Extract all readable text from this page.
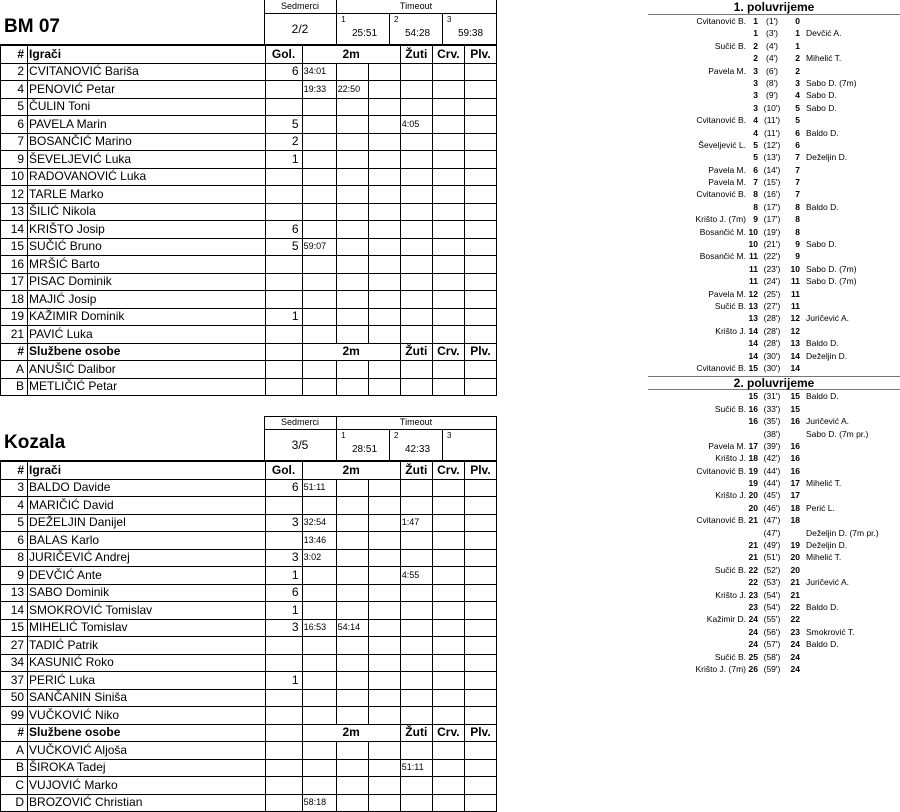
Sedmerci	Timeout
BM 07	2/2
1
25:51
2
54:28
3
59:38
#	Igrači	Gol.	2m			Žuti	Crv.	Plv.
2	CVITANOVIĆ Bariša	6	34:01					
4	PENOVIĆ Petar		19:33	22:50				
5	ČULIN Toni							
6	PAVELA Marin	5				4:05		
7	BOSANČIĆ Marino	2						
9	ŠEVELJEVIĆ Luka	1						
10	RADOVANOVIĆ Luka							
12	TARLE Marko							
13	ŠILIĆ Nikola							
14	KRIŠTO Josip	6						
15	SUČIĆ Bruno	5	59:07					
16	MRŠIĆ Barto							
17	PISAC Dominik							
18	MAJIĆ Josip							
19	KAŽIMIR Dominik	1						
21	PAVIĆ Luka							
#	Službene osobe		2m			Žuti	Crv.	Plv.
A	ANUŠIĆ Dalibor							
B	METLIČIĆ Petar							
Sedmerci	Timeout
Kozala	3/5
1
28:51
2
42:33
3
#	Igrači	Gol.	2m			Žuti	Crv.	Plv.
3	BALDO Davide	6	51:11					
4	MARIČIĆ David							
5	DEŽELJIN Danijel	3	32:54			1:47		
6	BALAS Karlo		13:46					
8	JURIČEVIĆ Andrej	3	3:02					
9	DEVČIĆ Ante	1				4:55		
13	SABO Dominik	6						
14	SMOKROVIĆ Tomislav	1						
15	MIHELIĆ Tomislav	3	16:53	54:14				
27	TADIĆ Patrik							
34	KASUNIĆ Roko							
37	PERIĆ Luka	1						
50	SANČANIN Siniša							
99	VUČKOVIĆ Niko							
#	Službene osobe		2m			Žuti	Crv.	Plv.
A	VUČKOVIĆ Aljoša							
B	ŠIROKA Tadej					51:11		
C	VUJOVIĆ Marko							
D	BROZOVIĆ Christian		58:18					
1. poluvrijeme
Cvitanović B. 1 (1')	0
1 (3')	1 Devčić A.
Sučić B. 2 (4')	1
2 (4')	2 Mihelić T.
Pavela M. 3 (6')	2
3 (8')	3 Sabo D. (7m)
3 (9')	4 Sabo D.
3 (10')	5 Sabo D.
Cvitanović B. 4 (11')	5
4 (11')	6 Baldo D.
Ševeljević L. 5 (12')	6
5 (13')	7 Deželjin D.
Pavela M. 6 (14')	7
Pavela M. 7 (15')	7
Cvitanović B. 8 (16')	7
8 (17')	8 Baldo D.
Krišto J. (7m) 9 (17')	8
Bosančić M. 10 (19')	8
10 (21')	9 Sabo D.
Bosančić M. 11 (22')	9
11 (23')	10 Sabo D. (7m)
11 (24')	11 Sabo D. (7m)
Pavela M. 12 (25')	11
Sučić B. 13 (27')	11
13 (28')	12 Juričević A.
Krišto J. 14 (28')	12
14 (28')	13 Baldo D.
14 (30')	14 Deželjin D.
Cvitanović B. 15 (30')	14
2. poluvrijeme
15 (31')	15 Baldo D.
Sučić B. 16 (33')	15
16 (35')	16 Juričević A.
(38')	Sabo D. (7m pr.)
Pavela M. 17 (39')	16
Krišto J. 18 (42')	16
Cvitanović B. 19 (44')	16
19 (44')	17 Mihelić T.
Krišto J. 20 (45')	17
20 (46')	18 Perić L.
Cvitanović B. 21 (47')	18
(47')	Deželjin D. (7m pr.)
21 (49')	19 Deželjin D.
21 (51')	20 Mihelić T.
Sučić B. 22 (52')	20
22 (53')	21 Juričević A.
Krišto J. 23 (54')	21
23 (54')	22 Baldo D.
Kažimir D. 24 (55')	22
24 (56')	23 Smokrović T.
24 (57')	24 Baldo D.
Sučić B. 25 (58')	24
Krišto J. (7m) 26 (59')	24
